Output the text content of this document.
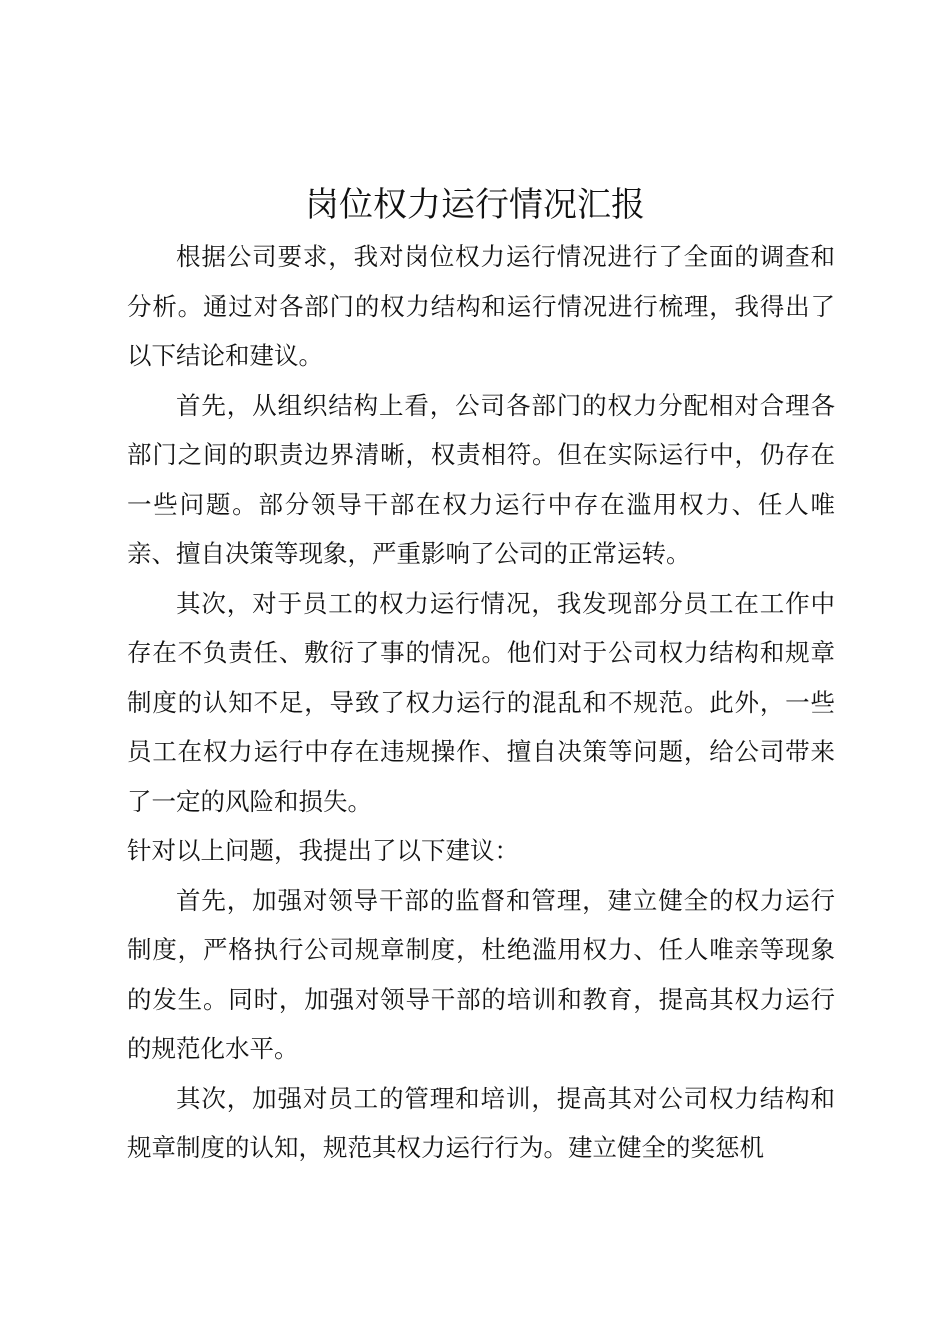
岗位权力运行情况汇报

根据公司要求，我对岗位权力运行情况进行了全面的调查和分析。通过对各部门的权力结构和运行情况进行梳理，我得出了以下结论和建议。

首先，从组织结构上看，公司各部门的权力分配相对合理各部门之间的职责边界清晰，权责相符。但在实际运行中，仍存在一些问题。部分领导干部在权力运行中存在滥用权力、任人唯亲、擅自决策等现象，严重影响了公司的正常运转。

其次，对于员工的权力运行情况，我发现部分员工在工作中存在不负责任、敷衍了事的情况。他们对于公司权力结构和规章制度的认知不足，导致了权力运行的混乱和不规范。此外，一些员工在权力运行中存在违规操作、擅自决策等问题，给公司带来了一定的风险和损失。

针对以上问题，我提出了以下建议：

首先，加强对领导干部的监督和管理，建立健全的权力运行制度，严格执行公司规章制度，杜绝滥用权力、任人唯亲等现象的发生。同时，加强对领导干部的培训和教育，提高其权力运行的规范化水平。

其次，加强对员工的管理和培训，提高其对公司权力结构和规章制度的认知，规范其权力运行行为。建立健全的奖惩机
